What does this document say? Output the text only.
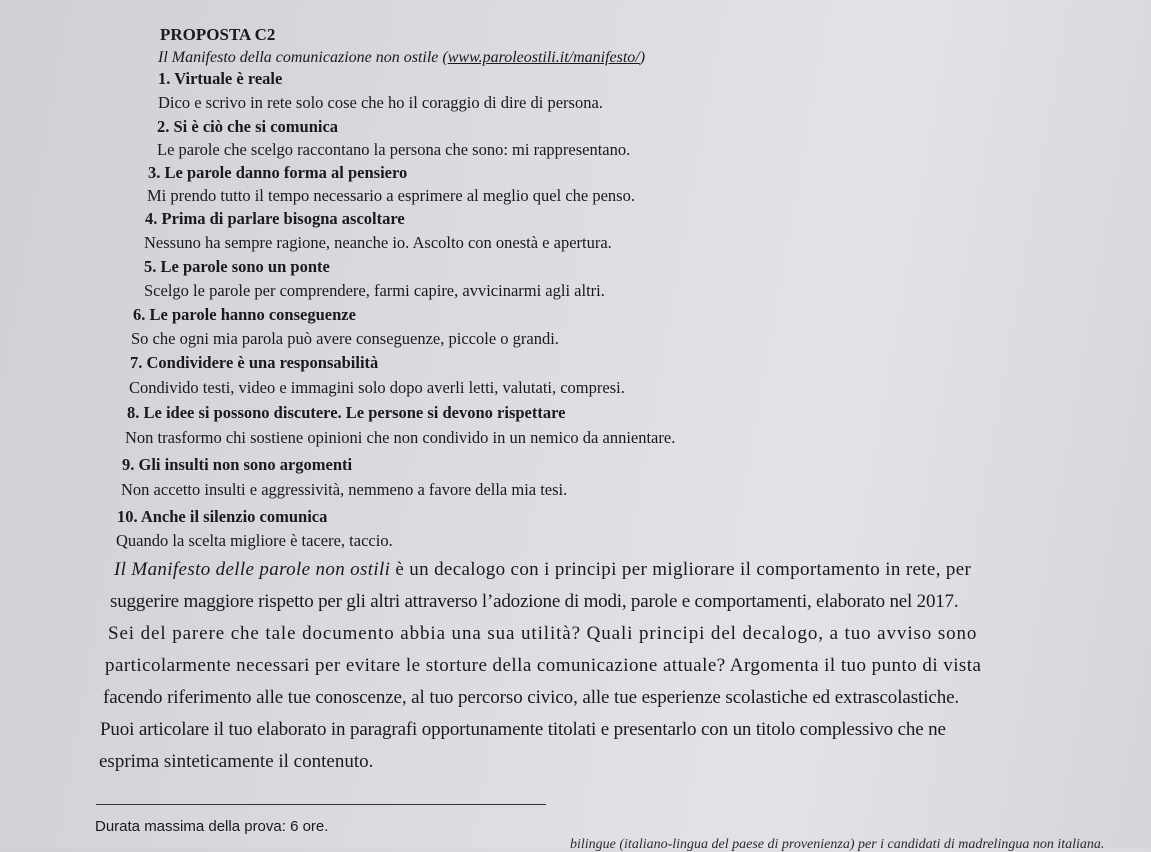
PROPOSTA C2
Il Manifesto della comunicazione non ostile (www.paroleostili.it/manifesto/)
1. Virtuale è reale
Dico e scrivo in rete solo cose che ho il coraggio di dire di persona.
2. Si è ciò che si comunica
Le parole che scelgo raccontano la persona che sono: mi rappresentano.
3. Le parole danno forma al pensiero
Mi prendo tutto il tempo necessario a esprimere al meglio quel che penso.
4. Prima di parlare bisogna ascoltare
Nessuno ha sempre ragione, neanche io. Ascolto con onestà e apertura.
5. Le parole sono un ponte
Scelgo le parole per comprendere, farmi capire, avvicinarmi agli altri.
6. Le parole hanno conseguenze
So che ogni mia parola può avere conseguenze, piccole o grandi.
7. Condividere è una responsabilità
Condivido testi, video e immagini solo dopo averli letti, valutati, compresi.
8. Le idee si possono discutere. Le persone si devono rispettare
Non trasformo chi sostiene opinioni che non condivido in un nemico da annientare.
9. Gli insulti non sono argomenti
Non accetto insulti e aggressività, nemmeno a favore della mia tesi.
10. Anche il silenzio comunica
Quando la scelta migliore è tacere, taccio.
Il Manifesto delle parole non ostili è un decalogo con i principi per migliorare il comportamento in rete, per
suggerire maggiore rispetto per gli altri attraverso l’adozione di modi, parole e comportamenti, elaborato nel 2017.
Sei del parere che tale documento abbia una sua utilità? Quali principi del decalogo, a tuo avviso sono
particolarmente necessari per evitare le storture della comunicazione attuale? Argomenta il tuo punto di vista
facendo riferimento alle tue conoscenze, al tuo percorso civico, alle tue esperienze scolastiche ed extrascolastiche.
Puoi articolare il tuo elaborato in paragrafi opportunamente titolati e presentarlo con un titolo complessivo che ne
esprima sinteticamente il contenuto.
Durata massima della prova: 6 ore.
bilingue (italiano-lingua del paese di provenienza) per i candidati di madrelingua non italiana.
